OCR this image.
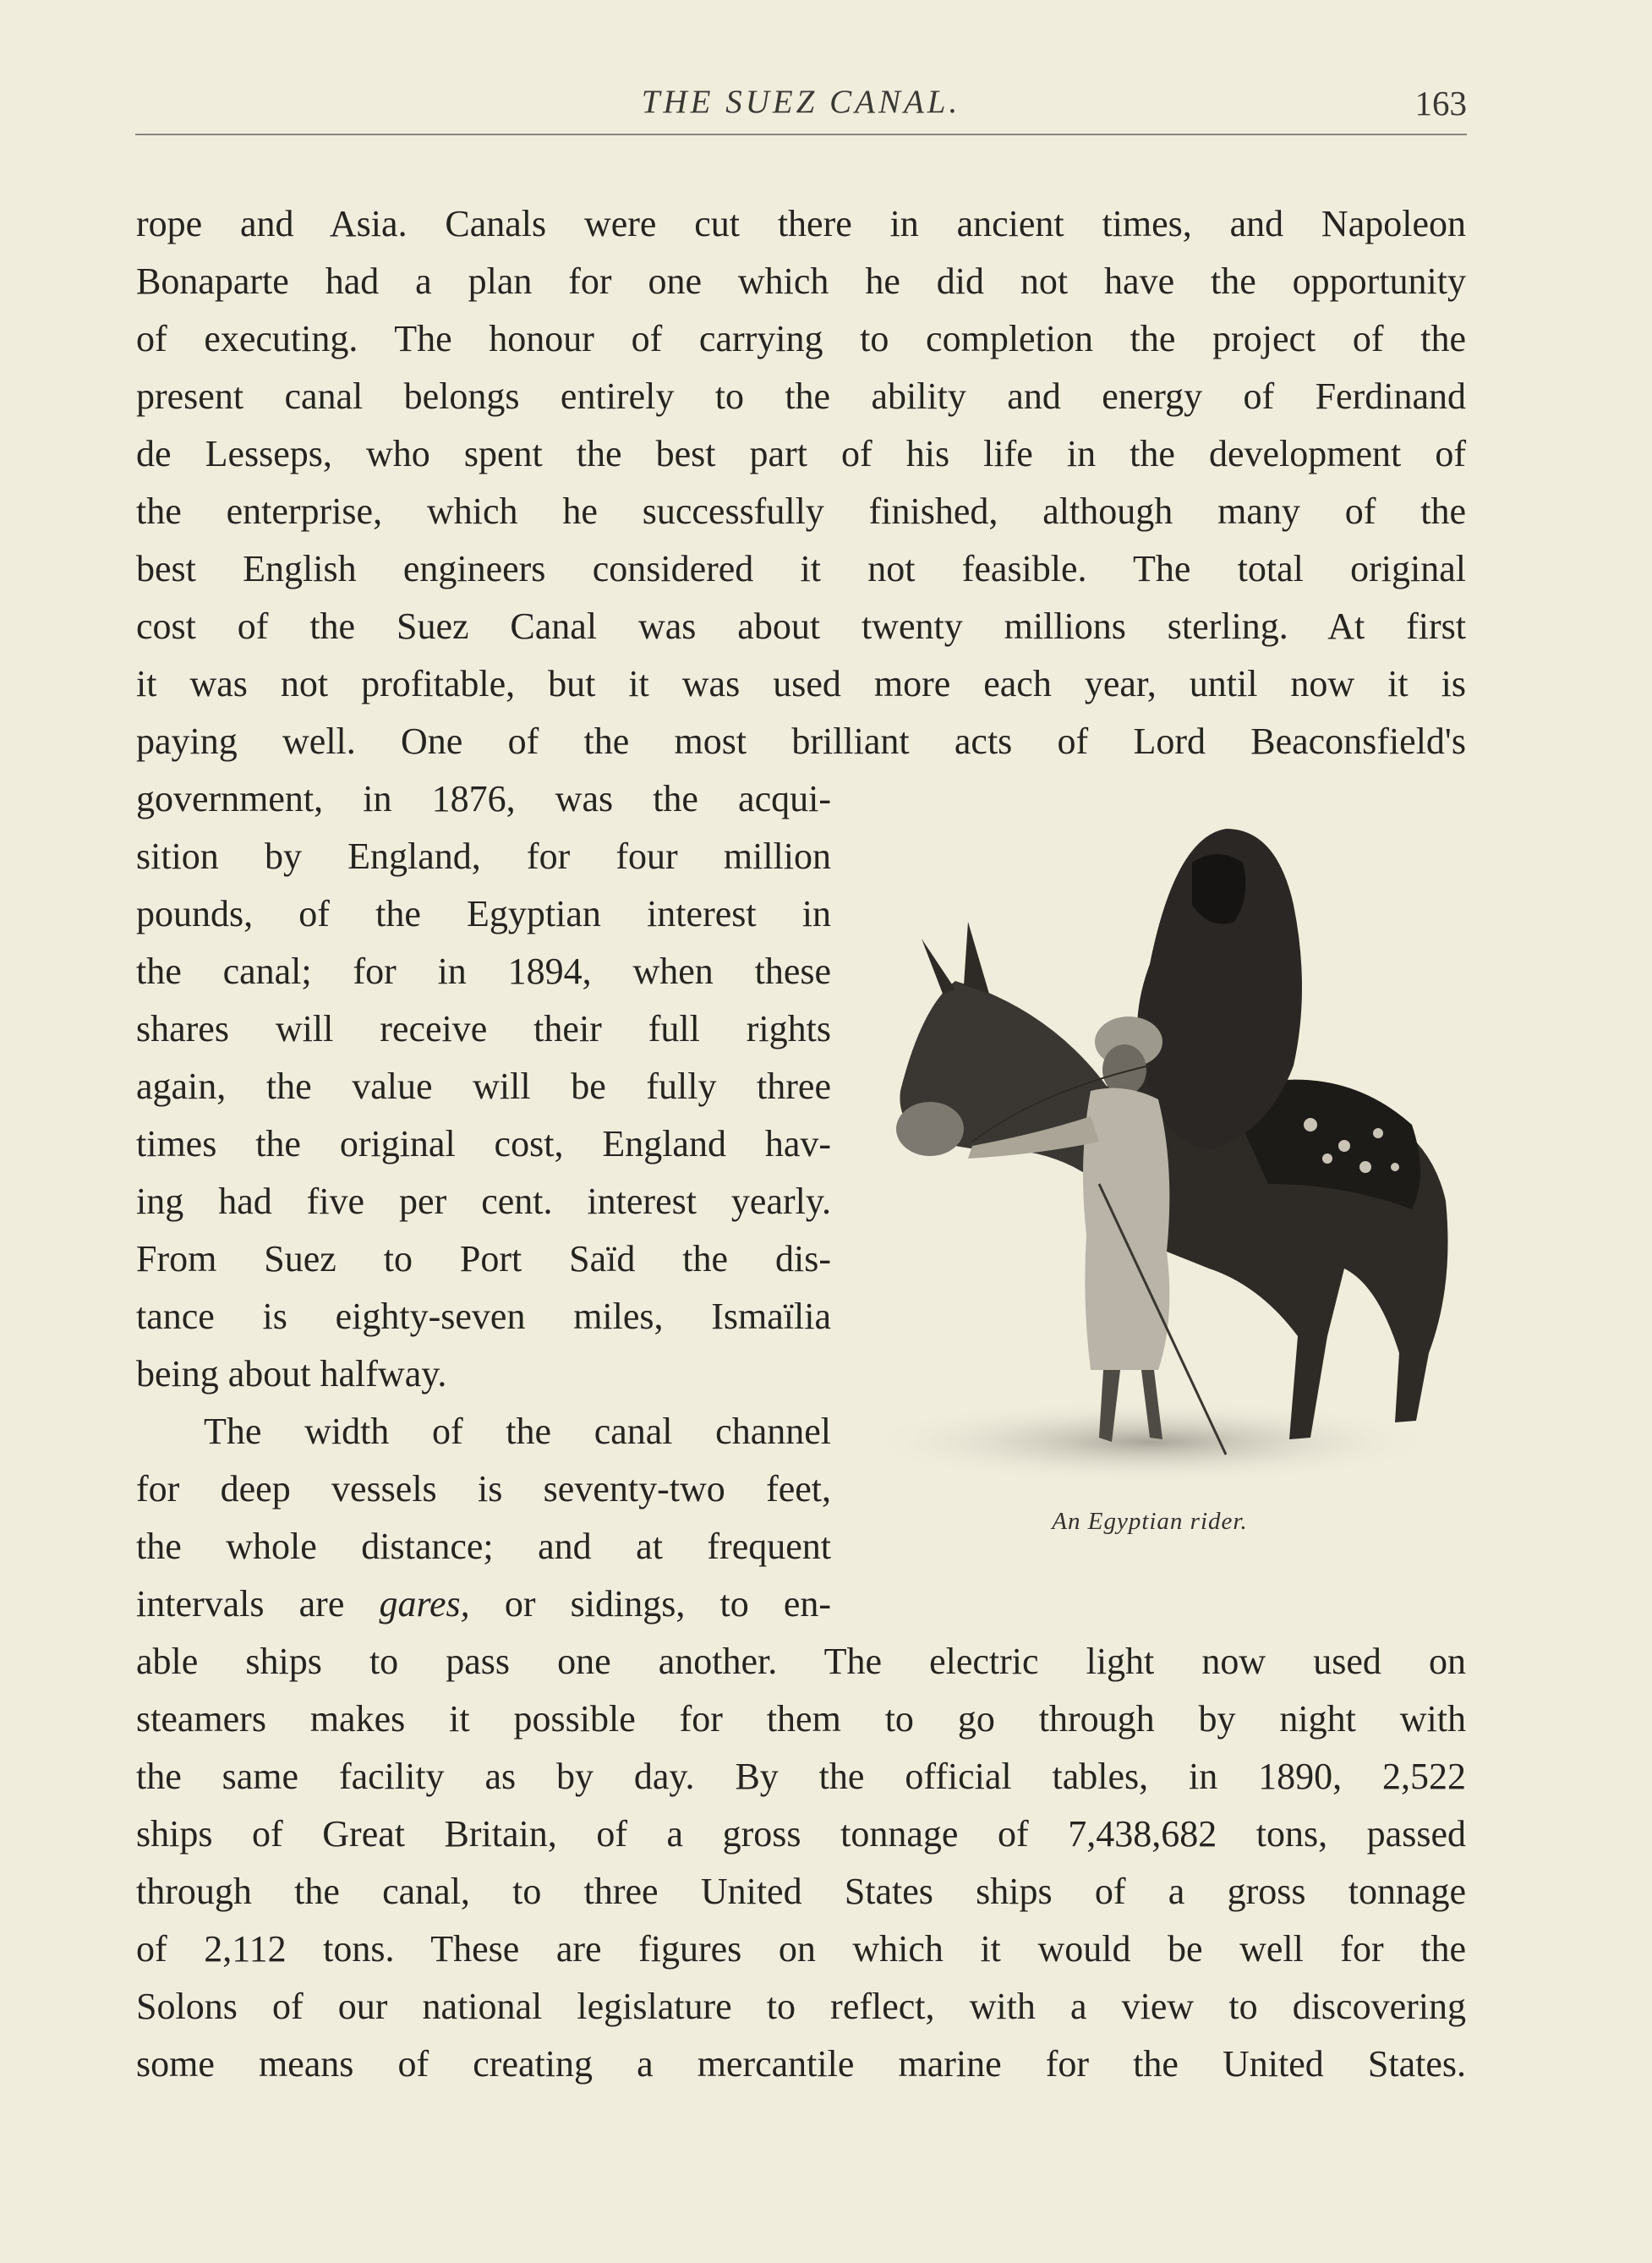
THE SUEZ CANAL.	163
rope and Asia. Canals were cut there in ancient times, and Napoleon
Bonaparte had a plan for one which he did not have the opportunity
of executing. The honour of carrying to completion the project of the
present canal belongs entirely to the ability and energy of Ferdinand
de Lesseps, who spent the best part of his life in the development of
the enterprise, which he successfully finished, although many of the
best English engineers considered it not feasible. The total original
cost of the Suez Canal was about twenty millions sterling. At first
it was not profitable, but it was used more each year, until now it is
paying well. One of the most brilliant acts of Lord Beaconsfield's
government, in 1876, was the acqui-
sition by England, for four million
pounds, of the Egyptian interest in
the canal; for in 1894, when these
shares will receive their full rights
again, the value will be fully three
times the original cost, England hav-
ing had five per cent. interest yearly.
From Suez to Port Saïd the dis-
tance is eighty-seven miles, Ismaïlia
being about halfway.
The width of the canal channel
for deep vessels is seventy-two feet,
the whole distance; and at frequent
intervals are gares, or sidings, to en-
able ships to pass one another. The electric light now used on
steamers makes it possible for them to go through by night with
the same facility as by day. By the official tables, in 1890, 2,522
ships of Great Britain, of a gross tonnage of 7,438,682 tons, passed
through the canal, to three United States ships of a gross tonnage
of 2,112 tons. These are figures on which it would be well for the
Solons of our national legislature to reflect, with a view to discovering
some means of creating a mercantile marine for the United States.
An Egyptian rider.
